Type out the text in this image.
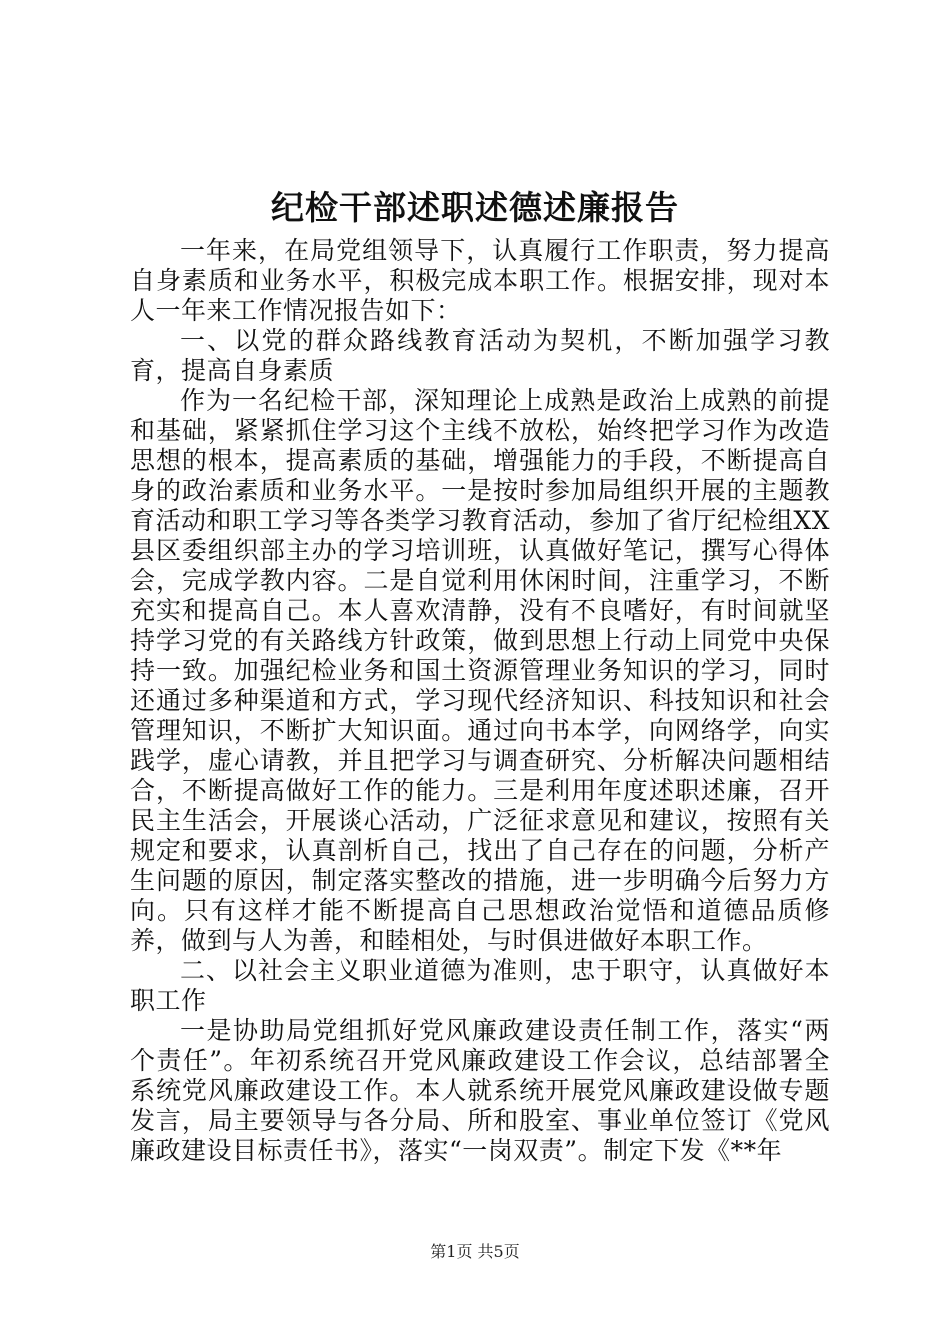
纪检干部述职述德述廉报告

一年来，在局党组领导下，认真履行工作职责，努力提高自身素质和业务水平，积极完成本职工作。根据安排，现对本人一年来工作情况报告如下：

一、以党的群众路线教育活动为契机，不断加强学习教育，提高自身素质

作为一名纪检干部，深知理论上成熟是政治上成熟的前提和基础，紧紧抓住学习这个主线不放松，始终把学习作为改造思想的根本，提高素质的基础，增强能力的手段，不断提高自身的政治素质和业务水平。一是按时参加局组织开展的主题教育活动和职工学习等各类学习教育活动，参加了省厅纪检组XX县区委组织部主办的学习培训班，认真做好笔记，撰写心得体会，完成学教内容。二是自觉利用休闲时间，注重学习，不断充实和提高自己。本人喜欢清静，没有不良嗜好，有时间就坚持学习党的有关路线方针政策，做到思想上行动上同党中央保持一致。加强纪检业务和国土资源管理业务知识的学习，同时还通过多种渠道和方式，学习现代经济知识、科技知识和社会管理知识，不断扩大知识面。通过向书本学，向网络学，向实践学，虚心请教，并且把学习与调查研究、分析解决问题相结合，不断提高做好工作的能力。三是利用年度述职述廉，召开民主生活会，开展谈心活动，广泛征求意见和建议，按照有关规定和要求，认真剖析自己，找出了自己存在的问题，分析产生问题的原因，制定落实整改的措施，进一步明确今后努力方向。只有这样才能不断提高自己思想政治觉悟和道德品质修养，做到与人为善，和睦相处，与时俱进做好本职工作。

二、以社会主义职业道德为准则，忠于职守，认真做好本职工作

一是协助局党组抓好党风廉政建设责任制工作，落实“两个责任”。年初系统召开党风廉政建设工作会议，总结部署全系统党风廉政建设工作。本人就系统开展党风廉政建设做专题发言，局主要领导与各分局、所和股室、事业单位签订《党风廉政建设目标责任书》，落实“一岗双责”。制定下发《**年

第1页 共5页
